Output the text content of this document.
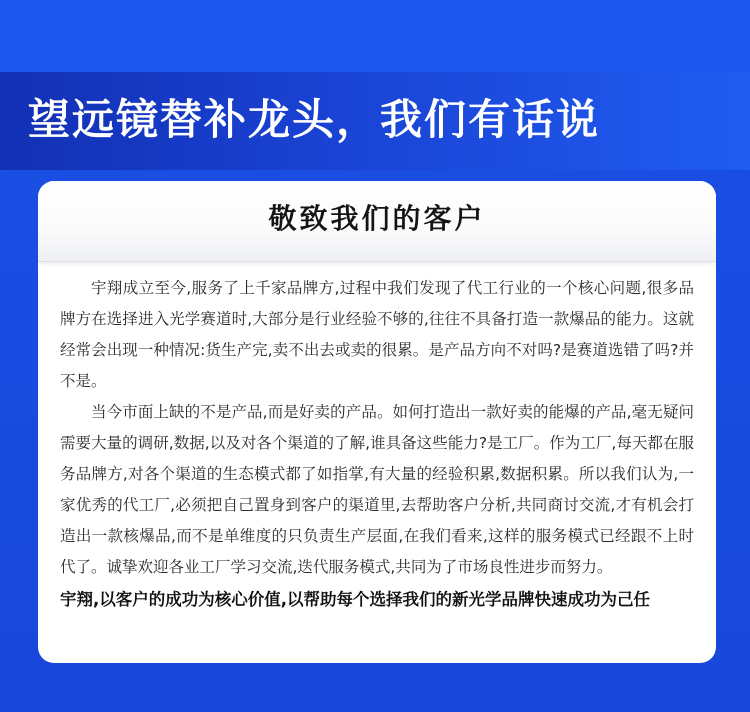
望远镜替补龙头，我们有话说
敬致我们的客户

宇翔成立至今,服务了上千家品牌方,过程中我们发现了代工行业的一个核心问题,很多品牌方在选择进入光学赛道时,大部分是行业经验不够的,往往不具备打造一款爆品的能力。这就经常会出现一种情况:货生产完,卖不出去或卖的很累。是产品方向不对吗?是赛道选错了吗?并不是。

当今市面上缺的不是产品,而是好卖的产品。如何打造出一款好卖的能爆的产品,毫无疑问需要大量的调研,数据,以及对各个渠道的了解,谁具备这些能力?是工厂。作为工厂,每天都在服务品牌方,对各个渠道的生态模式都了如指掌,有大量的经验积累,数据积累。所以我们认为,一家优秀的代工厂,必须把自己置身到客户的渠道里,去帮助客户分析,共同商讨交流,才有机会打造出一款核爆品,而不是单维度的只负责生产层面,在我们看来,这样的服务模式已经跟不上时代了。诚挚欢迎各业工厂学习交流,迭代服务模式,共同为了市场良性进步而努力。

宇翔,以客户的成功为核心价值,以帮助每个选择我们的新光学品牌快速成功为己任
